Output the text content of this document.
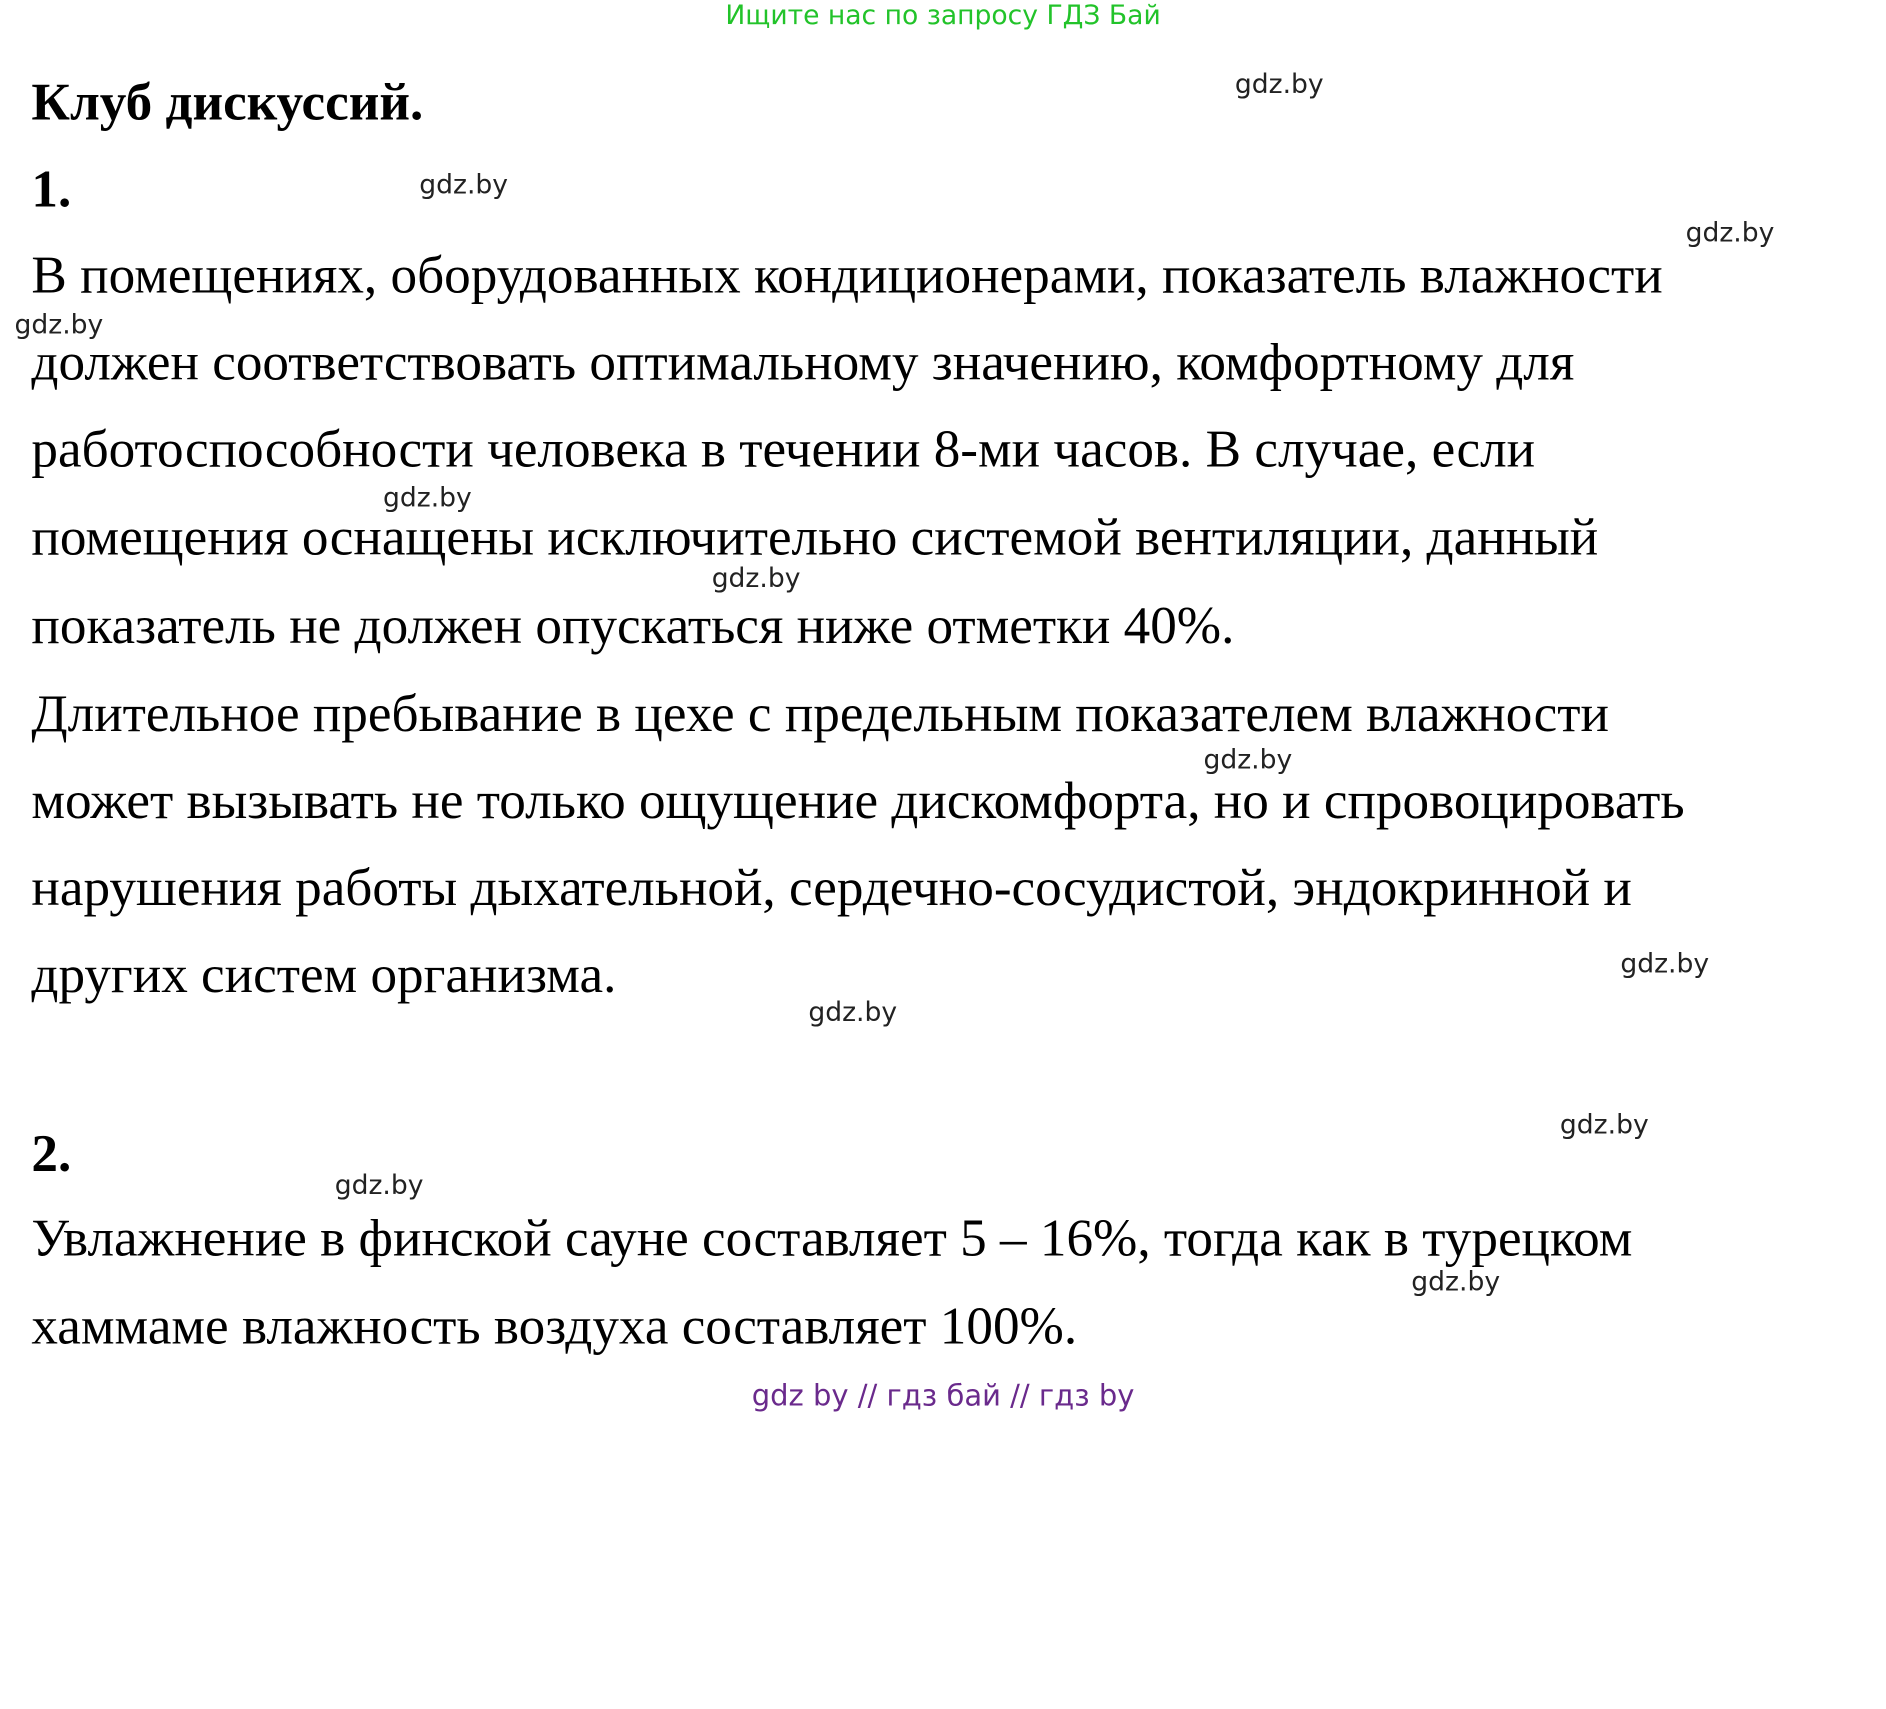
Ищите нас по запросу ГДЗ Бай
Клуб дискуссий.
1.
В помещениях, оборудованных кондиционерами, показатель влажности
должен соответствовать оптимальному значению, комфортному для
работоспособности человека в течении 8-ми часов. В случае, если
помещения оснащены исключительно системой вентиляции, данный
показатель не должен опускаться ниже отметки 40%.
Длительное пребывание в цехе с предельным показателем влажности
может вызывать не только ощущение дискомфорта, но и спровоцировать
нарушения работы дыхательной, сердечно-сосудистой, эндокринной и
других систем организма.
2.
Увлажнение в финской сауне составляет 5 – 16%, тогда как в турецком
хаммаме влажность воздуха составляет 100%.
gdz.by
gdz.by
gdz.by
gdz.by
gdz.by
gdz.by
gdz.by
gdz.by
gdz.by
gdz.by
gdz.by
gdz.by
gdz by // гдз бай // гдз by
